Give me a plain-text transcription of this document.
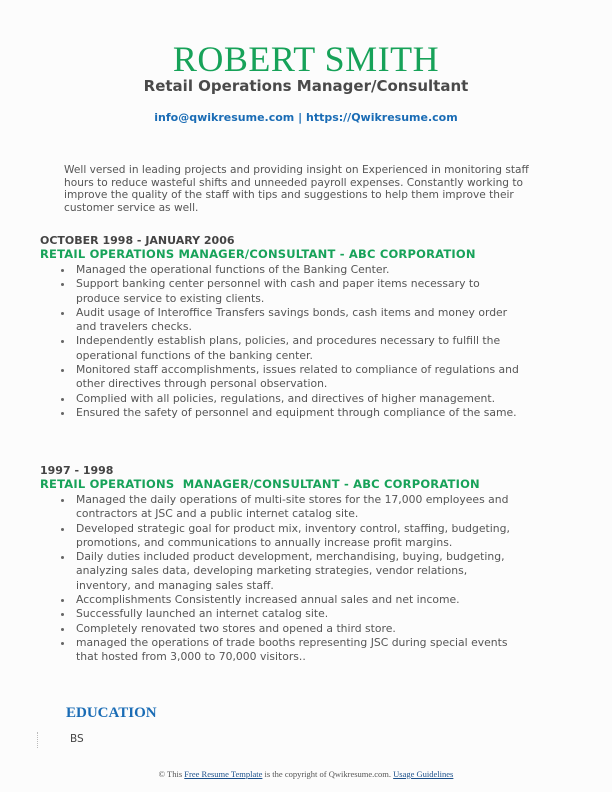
ROBERT SMITH
Retail Operations Manager/Consultant
info@qwikresume.com | https://Qwikresume.com
Well versed in leading projects and providing insight on Experienced in monitoring staff hours to reduce wasteful shifts and unneeded payroll expenses. Constantly working to improve the quality of the staff with tips and suggestions to help them improve their customer service as well.
OCTOBER 1998 - JANUARY 2006
RETAIL OPERATIONS MANAGER/CONSULTANT - ABC CORPORATION
Managed the operational functions of the Banking Center.
Support banking center personnel with cash and paper items necessary to produce service to existing clients.
Audit usage of Interoffice Transfers savings bonds, cash items and money order and travelers checks.
Independently establish plans, policies, and procedures necessary to fulfill the operational functions of the banking center.
Monitored staff accomplishments, issues related to compliance of regulations and other directives through personal observation.
Complied with all policies, regulations, and directives of higher management.
Ensured the safety of personnel and equipment through compliance of the same.
1997 - 1998
RETAIL OPERATIONS  MANAGER/CONSULTANT - ABC CORPORATION
Managed the daily operations of multi-site stores for the 17,000 employees and contractors at JSC and a public internet catalog site.
Developed strategic goal for product mix, inventory control, staffing, budgeting, promotions, and communications to annually increase profit margins.
Daily duties included product development, merchandising, buying, budgeting, analyzing sales data, developing marketing strategies, vendor relations, inventory, and managing sales staff.
Accomplishments Consistently increased annual sales and net income.
Successfully launched an internet catalog site.
Completely renovated two stores and opened a third store.
managed the operations of trade booths representing JSC during special events that hosted from 3,000 to 70,000 visitors..
EDUCATION
BS
© This Free Resume Template is the copyright of Qwikresume.com. Usage Guidelines
